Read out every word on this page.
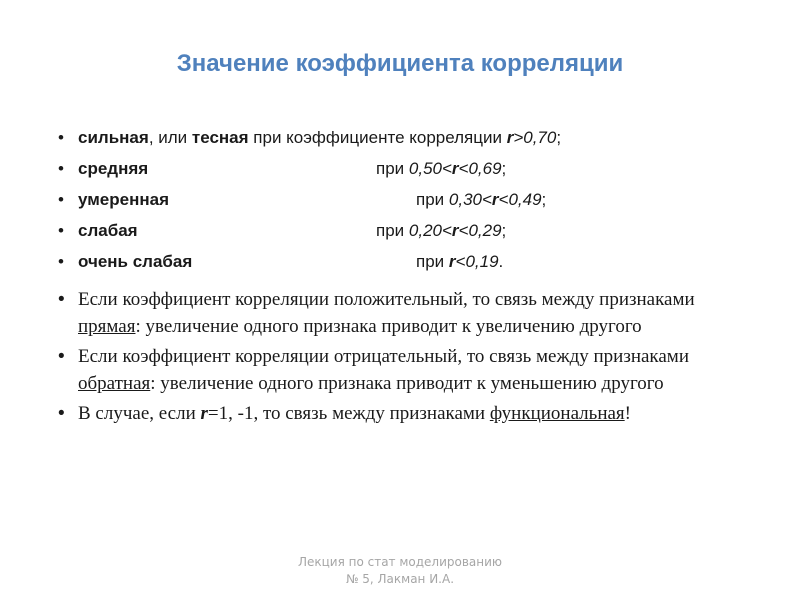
Значение коэффициента корреляции
• сильная, или тесная при коэффициенте корреляции r>0,70;
• средняя	при 0,50<r<0,69;
• умеренная	при 0,30<r<0,49;
• слабая	при 0,20<r<0,29;
• очень слабая	при r<0,19.
• Если коэффициент корреляции положительный, то связь между признаками прямая: увеличение одного признака приводит к увеличению другого
• Если коэффициент корреляции отрицательный, то связь между признаками обратная: увеличение одного признака приводит к уменьшению другого
• В случае, если r=1, -1, то связь между признаками функциональная!
Лекция по стат моделированию
№ 5, Лакман И.А.
